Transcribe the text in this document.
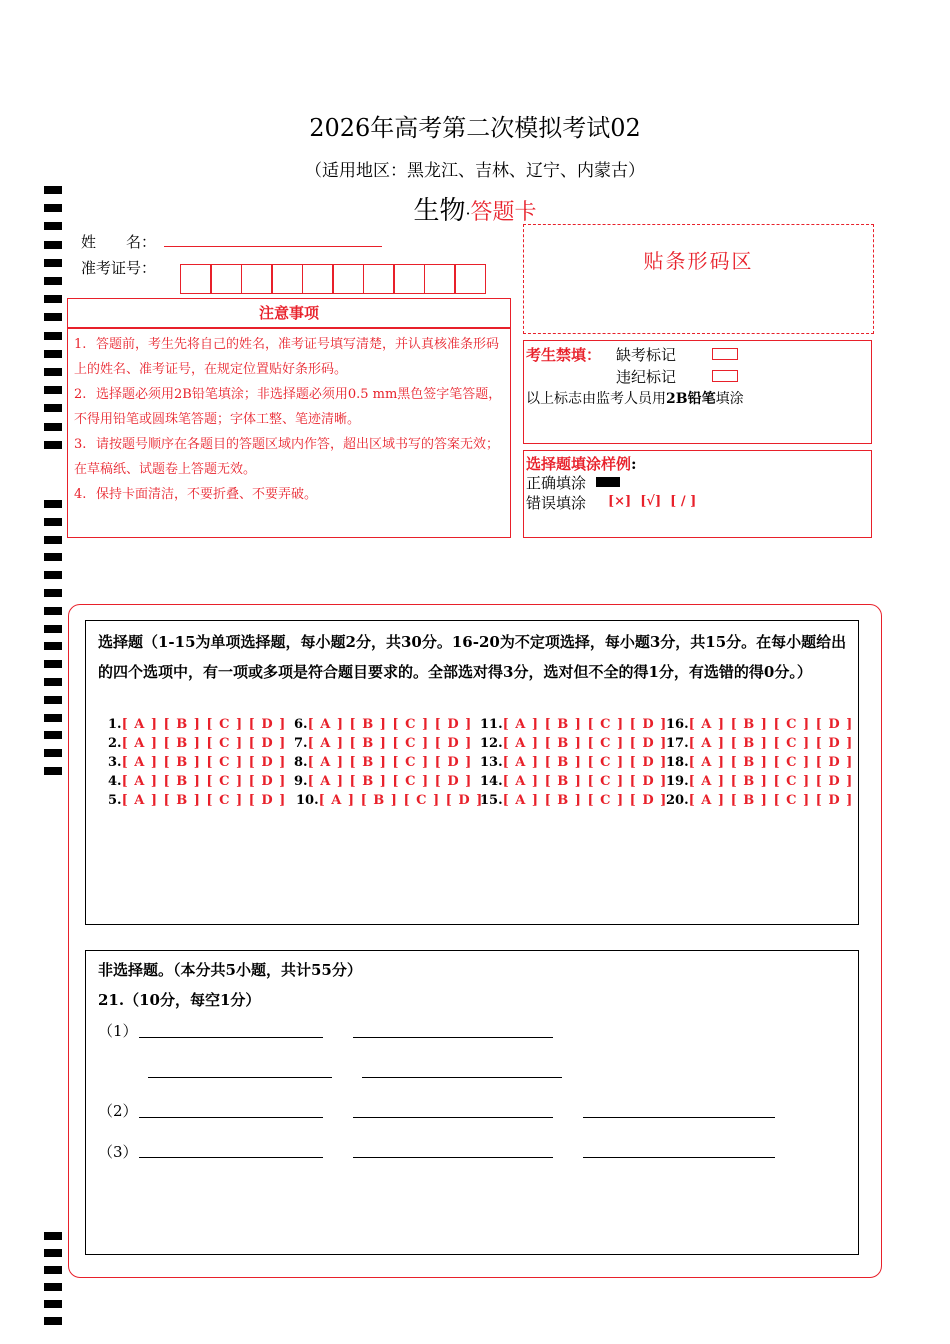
2026年高考第二次模拟考试02
（适用地区：黑龙江、吉林、辽宁、内蒙古）
生物·答题卡
姓　　名：
准考证号：
注意事项
1. 答题前，考生先将自己的姓名，准考证号填写清楚，并认真核准条形码上的姓名、准考证号，在规定位置贴好条形码。
2. 选择题必须用2B铅笔填涂；非选择题必须用0.5 mm黑色签字笔答题，不得用铅笔或圆珠笔答题；字体工整、笔迹清晰。
3. 请按题号顺序在各题目的答题区域内作答，超出区域书写的答案无效；在草稿纸、试题卷上答题无效。
4. 保持卡面清洁，不要折叠、不要弄破。
贴条形码区
考生禁填： 缺考标记
违纪标记
以上标志由监考人员用2B铅笔填涂
选择题填涂样例:
正确填涂
错误填涂 [×]  [√]  [ / ]
选择题（1-15为单项选择题，每小题2分，共30分。16-20为不定项选择，每小题3分，共15分。在每小题给出的四个选项中，有一项或多项是符合题目要求的。全部选对得3分，选对但不全的得1分，有选错的得0分。）
1.[ A ] [ B ] [ C ] [ D ]
2.[ A ] [ B ] [ C ] [ D ]
3.[ A ] [ B ] [ C ] [ D ]
4.[ A ] [ B ] [ C ] [ D ]
5.[ A ] [ B ] [ C ] [ D ]
6.[ A ] [ B ] [ C ] [ D ]
7.[ A ] [ B ] [ C ] [ D ]
8.[ A ] [ B ] [ C ] [ D ]
9.[ A ] [ B ] [ C ] [ D ]
10.[ A ] [ B ] [ C ] [ D ]
11.[ A ] [ B ] [ C ] [ D ]
12.[ A ] [ B ] [ C ] [ D ]
13.[ A ] [ B ] [ C ] [ D ]
14.[ A ] [ B ] [ C ] [ D ]
15.[ A ] [ B ] [ C ] [ D ]
16.[ A ] [ B ] [ C ] [ D ]
17.[ A ] [ B ] [ C ] [ D ]
18.[ A ] [ B ] [ C ] [ D ]
19.[ A ] [ B ] [ C ] [ D ]
20.[ A ] [ B ] [ C ] [ D ]
非选择题。（本分共5小题，共计55分）
21.（10分，每空1分）
（1）
（2）
（3）
